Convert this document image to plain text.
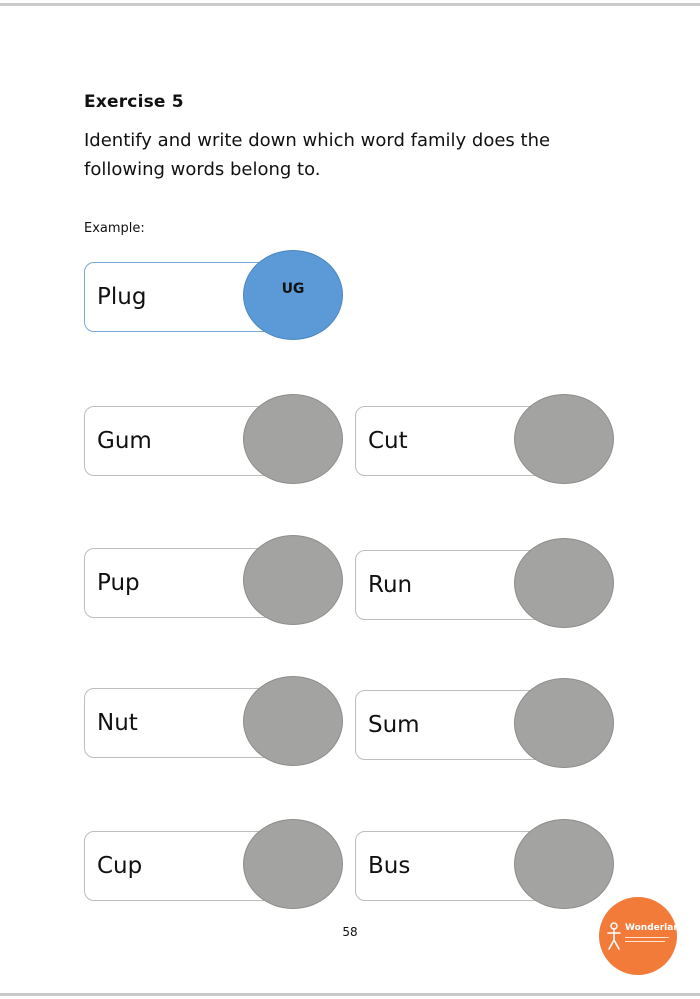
Exercise 5
Identify and write down which word family does the following words belong to.
Example:
Plug	UG
Gum	Cut
Pup	Run
Nut	Sum
Cup	Bus
58	Wonderland
